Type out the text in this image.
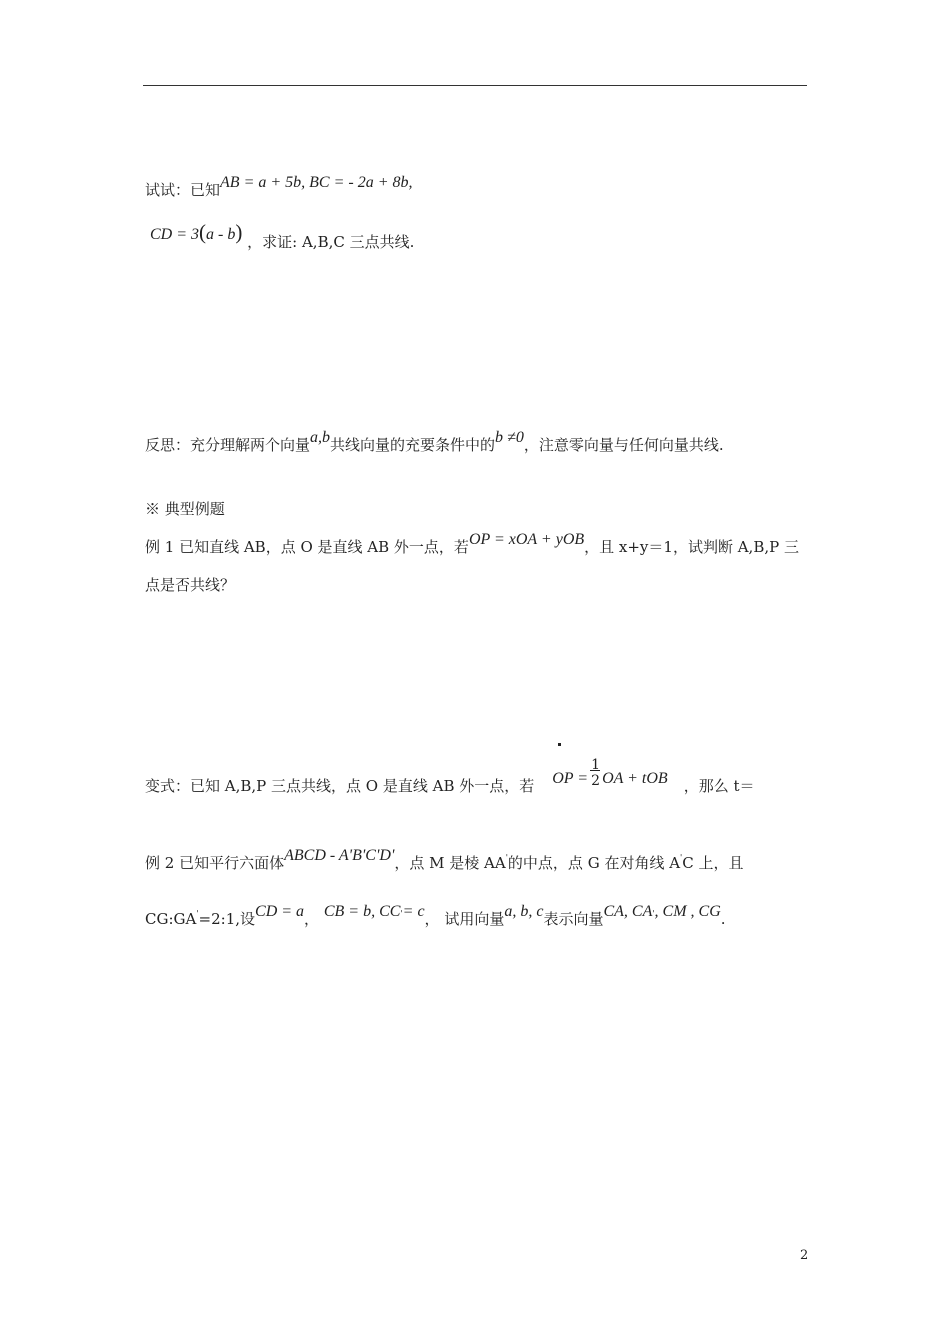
试试：已知AB = a + 5b, BC = - 2a + 8b,
CD = 3(a - b) ，求证: A,B,C 三点共线.
反思：充分理解两个向量a,b共线向量的充要条件中的b ≠0，注意零向量与任何向量共线.
※ 典型例题
例 1 已知直线 AB，点 O 是直线 AB 外一点，若OP = xOA + yOB，且 x+y＝1，试判断 A,B,P 三
点是否共线？
变式：已知 A,B,P 三点共线，点 O 是直线 AB 外一点，若 OP = $\frac{1}{2}$ OA + tOB ，那么 t＝
例 2 已知平行六面体ABCD - A'B'C'D'，点 M 是棱 AA'的中点，点 G 在对角线 A'C 上，且
CG:GA'=2:1,设CD = a， CB = b, CC'= c， 试用向量a, b, c表示向量CA, CA', CM , CG.
2
